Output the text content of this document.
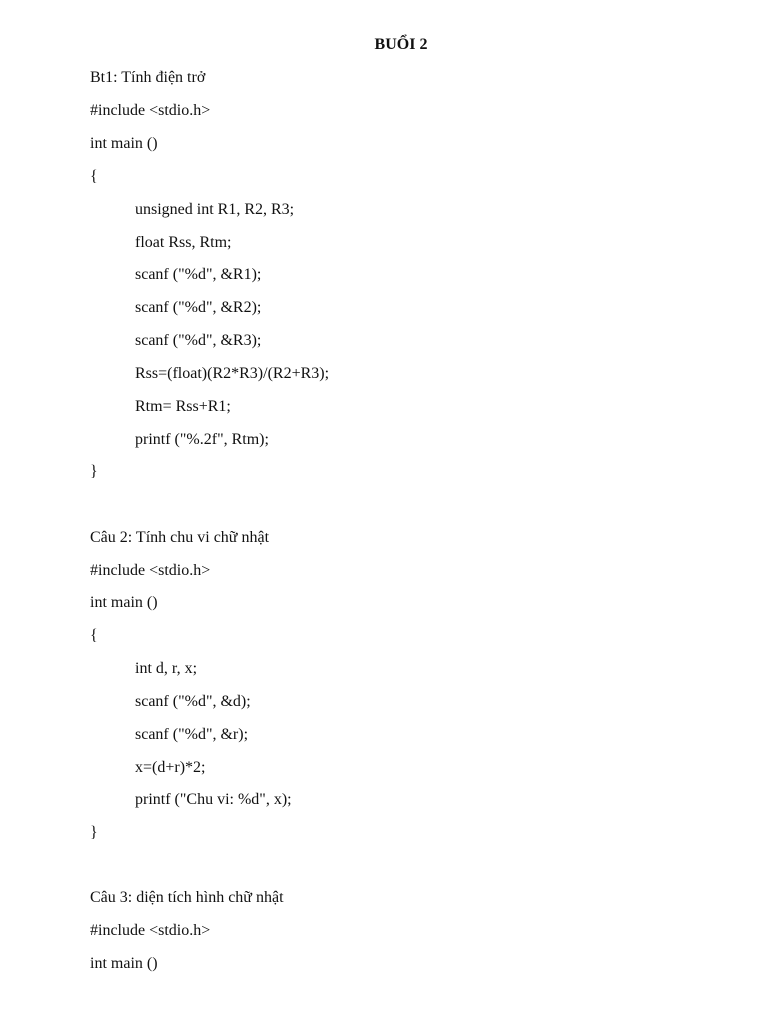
BUỔI 2

Bt1: Tính điện trở

#include <stdio.h>

int main ()

{

unsigned int R1, R2, R3;

float Rss, Rtm;

scanf ("%d", &R1);

scanf ("%d", &R2);

scanf ("%d", &R3);

Rss=(float)(R2*R3)/(R2+R3);

Rtm= Rss+R1;

printf ("%.2f", Rtm);

}

Câu 2: Tính chu vi chữ nhật

#include <stdio.h>

int main ()

{

int d, r, x;

scanf ("%d", &d);

scanf ("%d", &r);

x=(d+r)*2;

printf ("Chu vi: %d", x);

}

Câu 3: diện tích hình chữ nhật

#include <stdio.h>

int main ()
